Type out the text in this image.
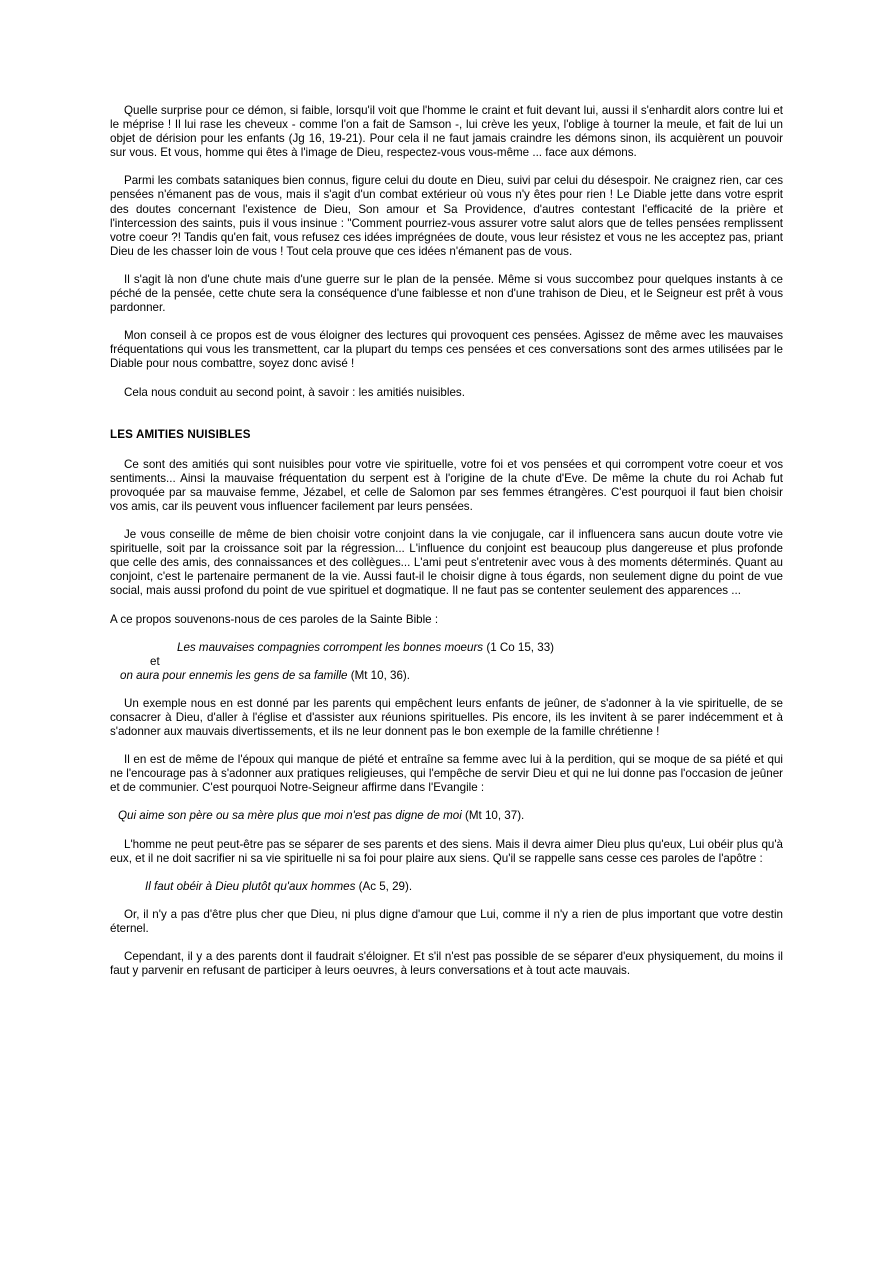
Quelle surprise pour ce démon, si faible, lorsqu'il voit que l'homme le craint et fuit devant lui, aussi il s'enhardit alors contre lui et le méprise ! Il lui rase les cheveux - comme l'on a fait de Samson -, lui crève les yeux, l'oblige à tourner la meule, et fait de lui un objet de dérision pour les enfants (Jg 16, 19-21). Pour cela il ne faut jamais craindre les démons sinon, ils acquièrent un pouvoir sur vous. Et vous, homme qui êtes à l'image de Dieu, respectez-vous vous-même ... face aux démons.

Parmi les combats sataniques bien connus, figure celui du doute en Dieu, suivi par celui du désespoir. Ne craignez rien, car ces pensées n'émanent pas de vous, mais il s'agit d'un combat extérieur où vous n'y êtes pour rien ! Le Diable jette dans votre esprit des doutes concernant l'existence de Dieu, Son amour et Sa Providence, d'autres contestant l'efficacité de la prière et l'intercession des saints, puis il vous insinue : "Comment pourriez-vous assurer votre salut alors que de telles pensées remplissent votre coeur ?! Tandis qu'en fait, vous refusez ces idées imprégnées de doute, vous leur résistez et vous ne les acceptez pas, priant Dieu de les chasser loin de vous ! Tout cela prouve que ces idées n'émanent pas de vous.

Il s'agit là non d'une chute mais d'une guerre sur le plan de la pensée. Même si vous succombez pour quelques instants à ce péché de la pensée, cette chute sera la conséquence d'une faiblesse et non d'une trahison de Dieu, et le Seigneur est prêt à vous pardonner.

Mon conseil à ce propos est de vous éloigner des lectures qui provoquent ces pensées. Agissez de même avec les mauvaises fréquentations qui vous les transmettent, car la plupart du temps ces pensées et ces conversations sont des armes utilisées par le Diable pour nous combattre, soyez donc avisé !

Cela nous conduit au second point, à savoir : les amitiés nuisibles.

LES AMITIES NUISIBLES

Ce sont des amitiés qui sont nuisibles pour votre vie spirituelle, votre foi et vos pensées et qui corrompent votre coeur et vos sentiments... Ainsi la mauvaise fréquentation du serpent est à l'origine de la chute d'Eve. De même la chute du roi Achab fut provoquée par sa mauvaise femme, Jézabel, et celle de Salomon par ses femmes étrangères. C'est pourquoi il faut bien choisir vos amis, car ils peuvent vous influencer facilement par leurs pensées.

Je vous conseille de même de bien choisir votre conjoint dans la vie conjugale, car il influencera sans aucun doute votre vie spirituelle, soit par la croissance soit par la régression... L'influence du conjoint est beaucoup plus dangereuse et plus profonde que celle des amis, des connaissances et des collègues... L'ami peut s'entretenir avec vous à des moments déterminés. Quant au conjoint, c'est le partenaire permanent de la vie. Aussi faut-il le choisir digne à tous égards, non seulement digne du point de vue social, mais aussi profond du point de vue spirituel et dogmatique. Il ne faut pas se contenter seulement des apparences ...

A ce propos souvenons-nous de ces paroles de la Sainte Bible :

Les mauvaises compagnies corrompent les bonnes moeurs (1 Co 15, 33)

et

on aura pour ennemis les gens de sa famille (Mt 10, 36).

Un exemple nous en est donné par les parents qui empêchent leurs enfants de jeûner, de s'adonner à la vie spirituelle, de se consacrer à Dieu, d'aller à l'église et d'assister aux réunions spirituelles. Pis encore, ils les invitent à se parer indécemment et à s'adonner aux mauvais divertissements, et ils ne leur donnent pas le bon exemple de la famille chrétienne !

Il en est de même de l'époux qui manque de piété et entraîne sa femme avec lui à la perdition, qui se moque de sa piété et qui ne l'encourage pas à s'adonner aux pratiques religieuses, qui l'empêche de servir Dieu et qui ne lui donne pas l'occasion de jeûner et de communier. C'est pourquoi Notre-Seigneur affirme dans l'Evangile :

Qui aime son père ou sa mère plus que moi n'est pas digne de moi (Mt 10, 37).

L'homme ne peut peut-être pas se séparer de ses parents et des siens. Mais il devra aimer Dieu plus qu'eux, Lui obéir plus qu'à eux, et il ne doit sacrifier ni sa vie spirituelle ni sa foi pour plaire aux siens. Qu'il se rappelle sans cesse ces paroles de l'apôtre :

Il faut obéir à Dieu plutôt qu'aux hommes (Ac 5, 29).

Or, il n'y a pas d'être plus cher que Dieu, ni plus digne d'amour que Lui, comme il n'y a rien de plus important que votre destin éternel.

Cependant, il y a des parents dont il faudrait s'éloigner. Et s'il n'est pas possible de se séparer d'eux physiquement, du moins il faut y parvenir en refusant de participer à leurs oeuvres, à leurs conversations et à tout acte mauvais.
